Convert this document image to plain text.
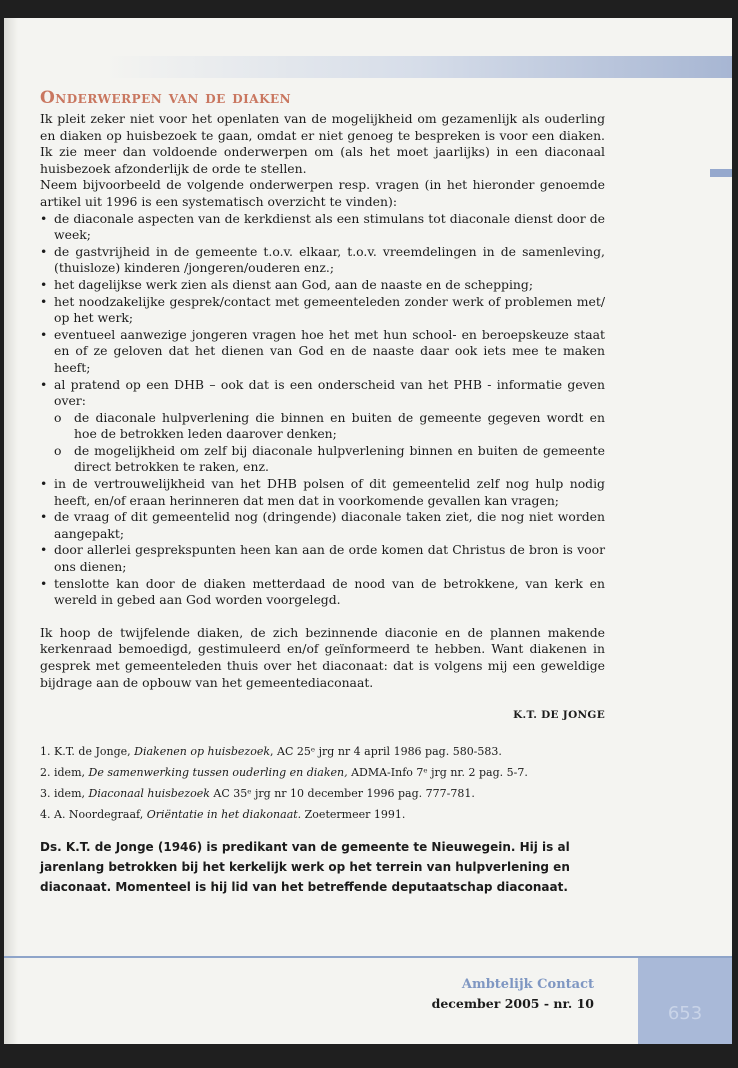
Onderwerpen van de diaken

Ik pleit zeker niet voor het openlaten van de mogelijkheid om gezamenlijk als ouderling en diaken op huisbezoek te gaan, omdat er niet genoeg te bespreken is voor een diaken. Ik zie meer dan voldoende onderwerpen om (als het moet jaarlijks) in een diaconaal huisbezoek afzonderlijk de orde te stellen.

Neem bijvoorbeeld de volgende onderwerpen resp. vragen (in het hieronder genoemde artikel uit 1996 is een systematisch overzicht te vinden):

• de diaconale aspecten van de kerkdienst als een stimulans tot diaconale dienst door de week;
• de gastvrijheid in de gemeente t.o.v. elkaar, t.o.v. vreemdelingen in de samenleving, (thuisloze) kinderen /jongeren/ouderen enz.;
• het dagelijkse werk zien als dienst aan God, aan de naaste en de schepping;
• het noodzakelijke gesprek/contact met gemeenteleden zonder werk of problemen met/ op het werk;
• eventueel aanwezige jongeren vragen hoe het met hun school- en beroepskeuze staat en of ze geloven dat het dienen van God en de naaste daar ook iets mee te maken heeft;
• al pratend op een DHB – ook dat is een onderscheid van het PHB - informatie geven over:
o de diaconale hulpverlening die binnen en buiten de gemeente gegeven wordt en hoe de betrokken leden daarover denken;
o de mogelijkheid om zelf bij diaconale hulpverlening binnen en buiten de gemeente direct betrokken te raken, enz.
• in de vertrouwelijkheid van het DHB polsen of dit gemeentelid zelf nog hulp nodig heeft, en/of eraan herinneren dat men dat in voorkomende gevallen kan vragen;
• de vraag of dit gemeentelid nog (dringende) diaconale taken ziet, die nog niet worden aangepakt;
• door allerlei gesprekspunten heen kan aan de orde komen dat Christus de bron is voor ons dienen;
• tenslotte kan door de diaken metterdaad de nood van de betrokkene, van kerk en wereld in gebed aan God worden voorgelegd.

Ik hoop de twijfelende diaken, de zich bezinnende diaconie en de plannen makende kerkenraad bemoedigd, gestimuleerd en/of geïnformeerd te hebben. Want diakenen in gesprek met gemeenteleden thuis over het diaconaat: dat is volgens mij een geweldige bijdrage aan de opbouw van het gemeentediaconaat.

K.T. DE JONGE
1. K.T. de Jonge, Diakenen op huisbezoek, AC 25ᵉ jrg nr 4 april 1986 pag. 580-583.
2. idem, De samenwerking tussen ouderling en diaken, ADMA-Info 7ᵉ jrg nr. 2 pag. 5-7.
3. idem, Diaconaal huisbezoek AC 35ᵉ jrg nr 10 december 1996 pag. 777-781.
4. A. Noordegraaf, Oriëntatie in het diakonaat. Zoetermeer 1991.
Ds. K.T. de Jonge (1946) is predikant van de gemeente te Nieuwegein. Hij is al jarenlang betrokken bij het kerkelijk werk op het terrein van hulpverlening en diaconaat. Momenteel is hij lid van het betreffende deputaatschap diaconaat.
Ambtelijk Contact
december 2005 - nr. 10	653
